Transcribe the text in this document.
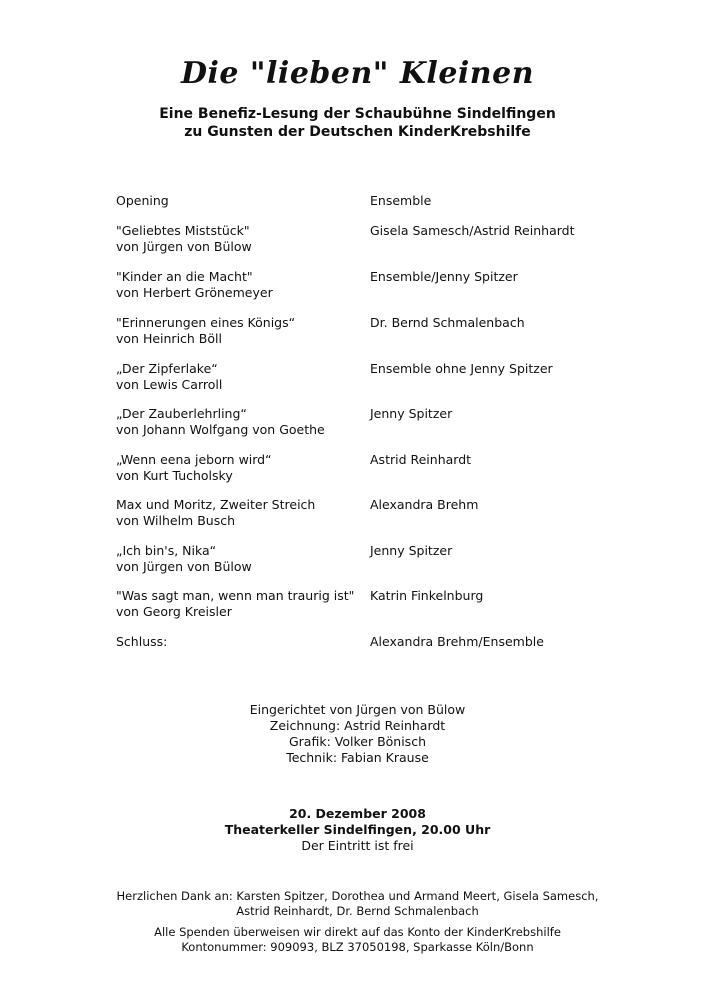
Die "lieben" Kleinen
Eine Benefiz-Lesung der Schaubühne Sindelfingen
zu Gunsten der Deutschen KinderKrebshilfe
Opening	Ensemble
"Geliebtes Miststück"
von Jürgen von Bülow
Gisela Samesch/Astrid Reinhardt
"Kinder an die Macht"
von Herbert Grönemeyer
Ensemble/Jenny Spitzer
"Erinnerungen eines Königs“
von Heinrich Böll
Dr. Bernd Schmalenbach
„Der Zipferlake“
von Lewis Carroll
Ensemble ohne Jenny Spitzer
„Der Zauberlehrling“
von Johann Wolfgang von Goethe
Jenny Spitzer
„Wenn eena jeborn wird“
von Kurt Tucholsky
Astrid Reinhardt
Max und Moritz, Zweiter Streich
von Wilhelm Busch
Alexandra Brehm
„Ich bin's, Nika“
von Jürgen von Bülow
Jenny Spitzer
"Was sagt man, wenn man traurig ist"
von Georg Kreisler
Katrin Finkelnburg
Schluss:	Alexandra Brehm/Ensemble
Eingerichtet von Jürgen von Bülow
Zeichnung: Astrid Reinhardt
Grafik: Volker Bönisch
Technik: Fabian Krause
20. Dezember 2008
Theaterkeller Sindelfingen, 20.00 Uhr
Der Eintritt ist frei
Herzlichen Dank an: Karsten Spitzer, Dorothea und Armand Meert, Gisela Samesch,
Astrid Reinhardt, Dr. Bernd Schmalenbach
Alle Spenden überweisen wir direkt auf das Konto der KinderKrebshilfe
Kontonummer: 909093, BLZ 37050198, Sparkasse Köln/Bonn
